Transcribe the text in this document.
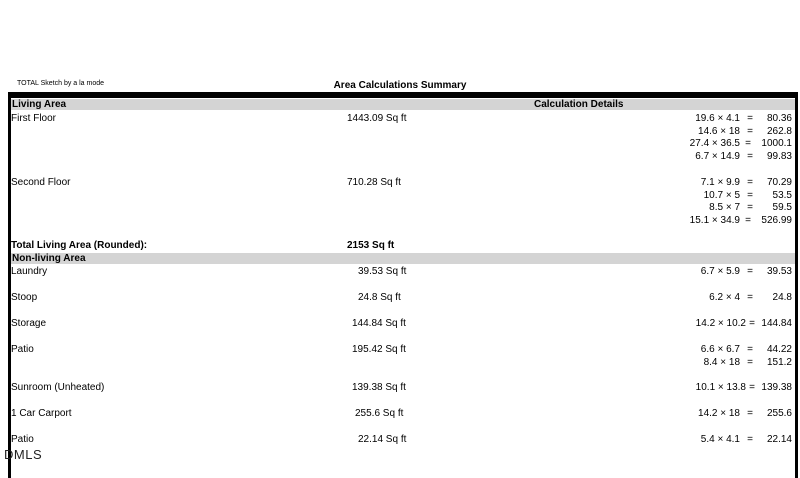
TOTAL Sketch by a la mode	Area Calculations Summary
Living Area	Calculation Details
First Floor	1443.09 Sq ft	19.6 × 4.1 =	80.36
14.6 × 18 =	262.8
27.4 × 36.5 =	1000.1
6.7 × 14.9 =	99.83
Second Floor	710.28 Sq ft	7.1 × 9.9 =	70.29
10.7 × 5 =	53.5
8.5 × 7 =	59.5
15.1 × 34.9 =	526.99
Total Living Area (Rounded):	2153 Sq ft
Non-living Area
Laundry	39.53 Sq ft	6.7 × 5.9 =	39.53
Stoop	24.8 Sq ft	6.2 × 4 =	24.8
Storage	144.84 Sq ft	14.2 × 10.2 = 144.84
Patio	195.42 Sq ft	6.6 × 6.7 =	44.22
8.4 × 18 =	151.2
Sunroom (Unheated)	139.38 Sq ft	10.1 × 13.8 = 139.38
1 Car Carport	255.6 Sq ft	14.2 × 18 =	255.6
Patio	22.14 Sq ft	5.4 × 4.1 =	22.14
DMLS
